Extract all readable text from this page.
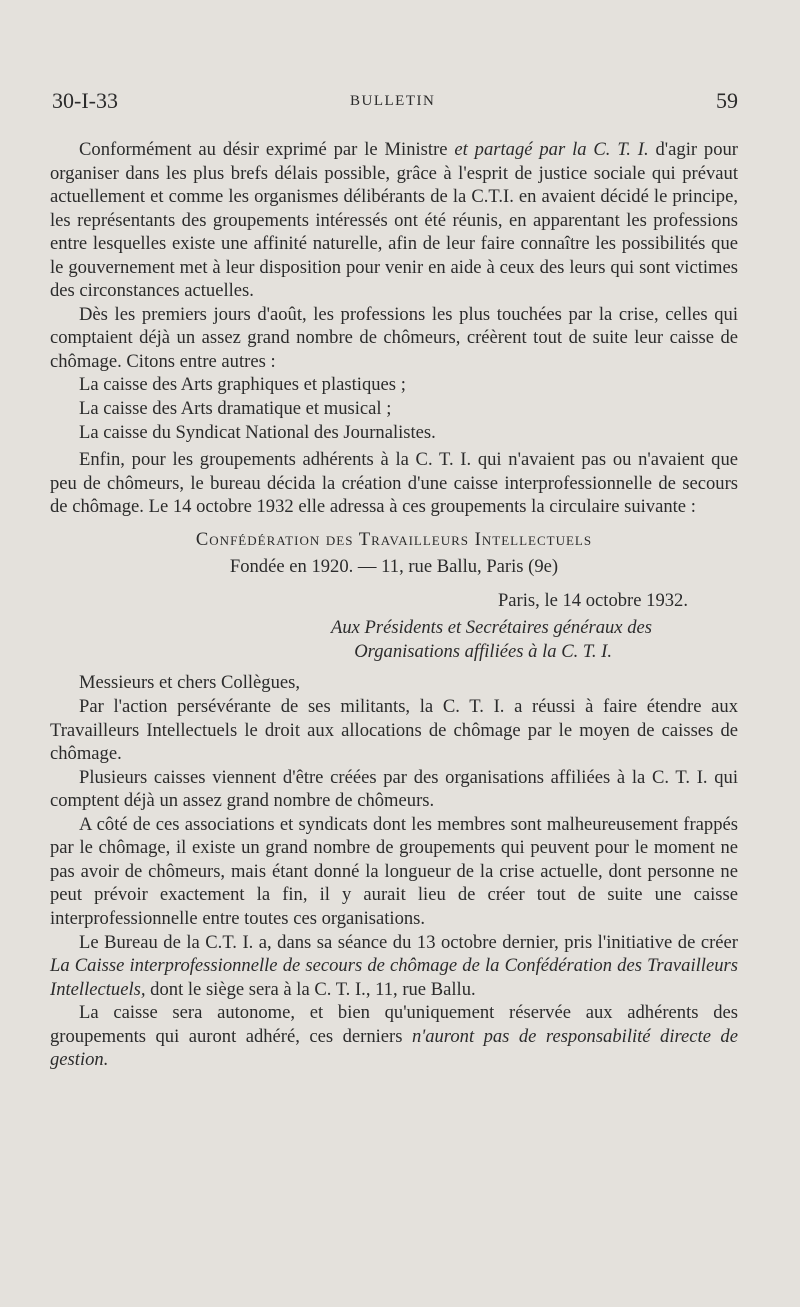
30-I-33	BULLETIN	59

Conformément au désir exprimé par le Ministre et partagé par la C. T. I. d'agir pour organiser dans les plus brefs délais possible, grâce à l'esprit de justice sociale qui prévaut actuellement et comme les organismes délibérants de la C.T.I. en avaient décidé le principe, les représentants des groupements intéressés ont été réunis, en apparentant les professions entre lesquelles existe une affinité naturelle, afin de leur faire connaître les possibilités que le gouvernement met à leur disposition pour venir en aide à ceux des leurs qui sont victimes des circonstances actuelles.

Dès les premiers jours d'août, les professions les plus touchées par la crise, celles qui comptaient déjà un assez grand nombre de chômeurs, créèrent tout de suite leur caisse de chômage. Citons entre autres :

La caisse des Arts graphiques et plastiques ;

La caisse des Arts dramatique et musical ;

La caisse du Syndicat National des Journalistes.

Enfin, pour les groupements adhérents à la C. T. I. qui n'avaient pas ou n'avaient que peu de chômeurs, le bureau décida la création d'une caisse interprofessionnelle de secours de chômage. Le 14 octobre 1932 elle adressa à ces groupements la circulaire suivante :

Confédération des Travailleurs Intellectuels

Fondée en 1920. — 11, rue Ballu, Paris (9e)

Paris, le 14 octobre 1932.

Aux Présidents et Secrétaires généraux des

Organisations affiliées à la C. T. I.

Messieurs et chers Collègues,

Par l'action persévérante de ses militants, la C. T. I. a réussi à faire étendre aux Travailleurs Intellectuels le droit aux allocations de chômage par le moyen de caisses de chômage.

Plusieurs caisses viennent d'être créées par des organisations affiliées à la C. T. I. qui comptent déjà un assez grand nombre de chômeurs.

A côté de ces associations et syndicats dont les membres sont malheureusement frappés par le chômage, il existe un grand nombre de groupements qui peuvent pour le moment ne pas avoir de chômeurs, mais étant donné la longueur de la crise actuelle, dont personne ne peut prévoir exactement la fin, il y aurait lieu de créer tout de suite une caisse interprofessionnelle entre toutes ces organisations.

Le Bureau de la C.T. I. a, dans sa séance du 13 octobre dernier, pris l'initiative de créer La Caisse interprofessionnelle de secours de chômage de la Confédération des Travailleurs Intellectuels, dont le siège sera à la C. T. I., 11, rue Ballu.

La caisse sera autonome, et bien qu'uniquement réservée aux adhérents des groupements qui auront adhéré, ces derniers n'auront pas de responsabilité directe de gestion.
